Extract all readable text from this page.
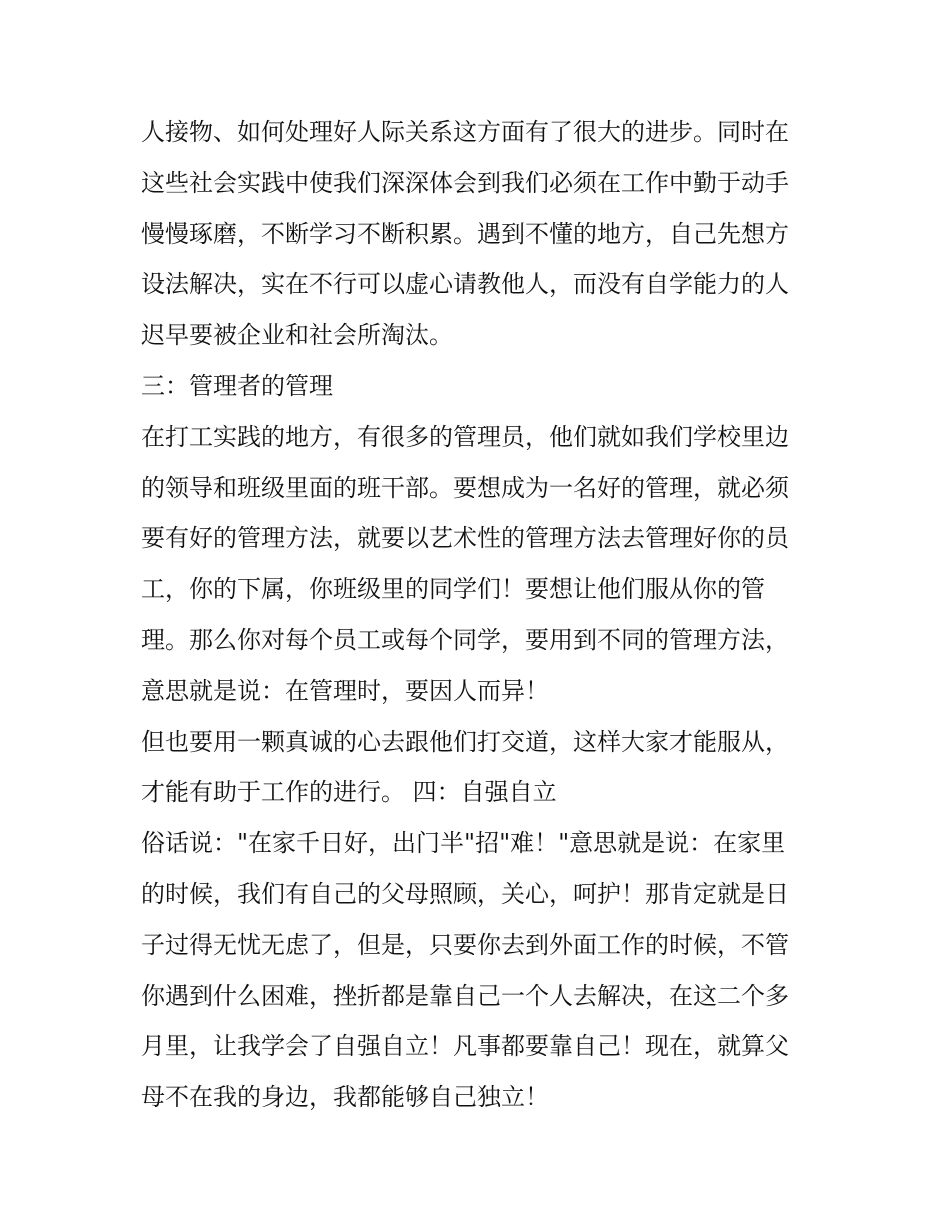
人接物、如何处理好人际关系这方面有了很大的进步。同时在
这些社会实践中使我们深深体会到我们必须在工作中勤于动手
慢慢琢磨，不断学习不断积累。遇到不懂的地方，自己先想方
设法解决，实在不行可以虚心请教他人，而没有自学能力的人
迟早要被企业和社会所淘汰。
三：管理者的管理
在打工实践的地方，有很多的管理员，他们就如我们学校里边
的领导和班级里面的班干部。要想成为一名好的管理，就必须
要有好的管理方法，就要以艺术性的管理方法去管理好你的员
工，你的下属，你班级里的同学们！要想让他们服从你的管
理。那么你对每个员工或每个同学，要用到不同的管理方法，
意思就是说：在管理时，要因人而异！
但也要用一颗真诚的心去跟他们打交道，这样大家才能服从，
才能有助于工作的进行。 四：自强自立
俗话说："在家千日好，出门半"招"难！"意思就是说：在家里
的时候，我们有自己的父母照顾，关心，呵护！那肯定就是日
子过得无忧无虑了，但是，只要你去到外面工作的时候，不管
你遇到什么困难，挫折都是靠自己一个人去解决，在这二个多
月里，让我学会了自强自立！凡事都要靠自己！现在，就算父
母不在我的身边，我都能够自己独立！
